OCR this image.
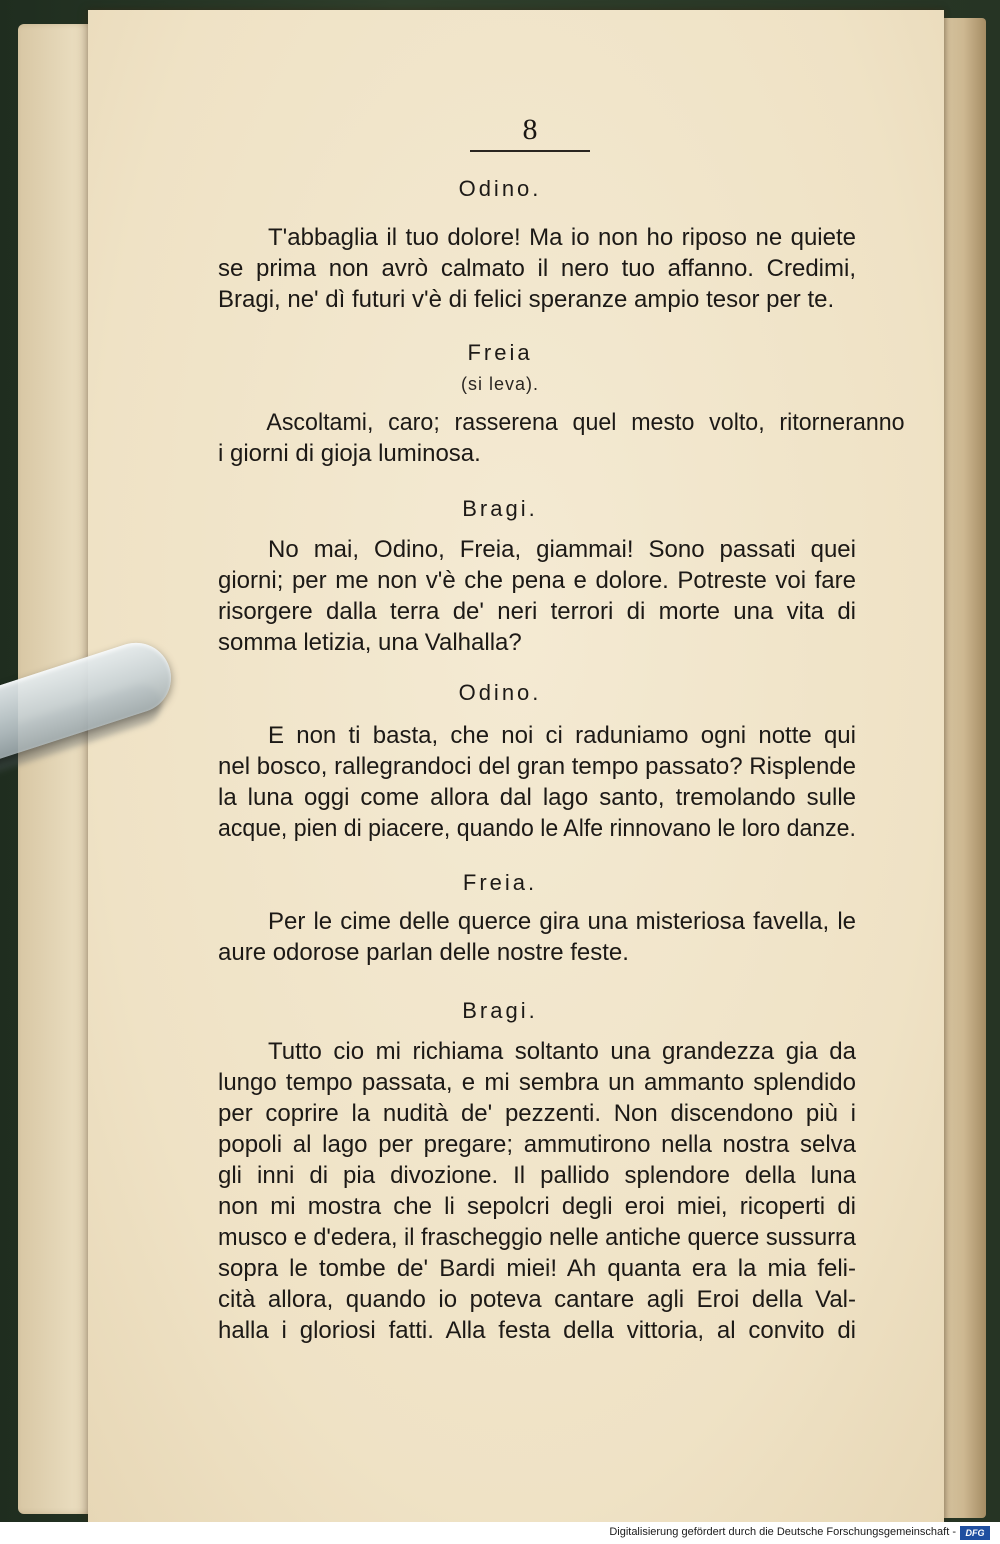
8
Odino.
T'abbaglia il tuo dolore! Ma io non ho riposo ne quiete
se prima non avrò calmato il nero tuo affanno. Credimi,
Bragi, ne' dì futuri v'è di felici speranze ampio tesor per te.
Freia
(si leva).
Ascoltami, caro; rasserena quel mesto volto, ritorneranno
i giorni di gioja luminosa.
Bragi.
No mai, Odino, Freia, giammai! Sono passati quei
giorni; per me non v'è che pena e dolore. Potreste voi fare
risorgere dalla terra de' neri terrori di morte una vita di
somma letizia, una Valhalla?
Odino.
E non ti basta, che noi ci raduniamo ogni notte qui
nel bosco, rallegrandoci del gran tempo passato? Risplende
la luna oggi come allora dal lago santo, tremolando sulle
acque, pien di piacere, quando le Alfe rinnovano le loro danze.
Freia.
Per le cime delle querce gira una misteriosa favella, le
aure odorose parlan delle nostre feste.
Bragi.
Tutto cio mi richiama soltanto una grandezza gia da
lungo tempo passata, e mi sembra un ammanto splendido
per coprire la nudità de' pezzenti. Non discendono più i
popoli al lago per pregare; ammutirono nella nostra selva
gli inni di pia divozione. Il pallido splendore della luna
non mi mostra che li sepolcri degli eroi miei, ricoperti di
musco e d'edera, il frascheggio nelle antiche querce sussurra
sopra le tombe de' Bardi miei! Ah quanta era la mia feli-
cità allora, quando io poteva cantare agli Eroi della Val-
halla i gloriosi fatti. Alla festa della vittoria, al convito di
Digitalisierung gefördert durch die Deutsche Forschungsgemeinschaft -	DFG
